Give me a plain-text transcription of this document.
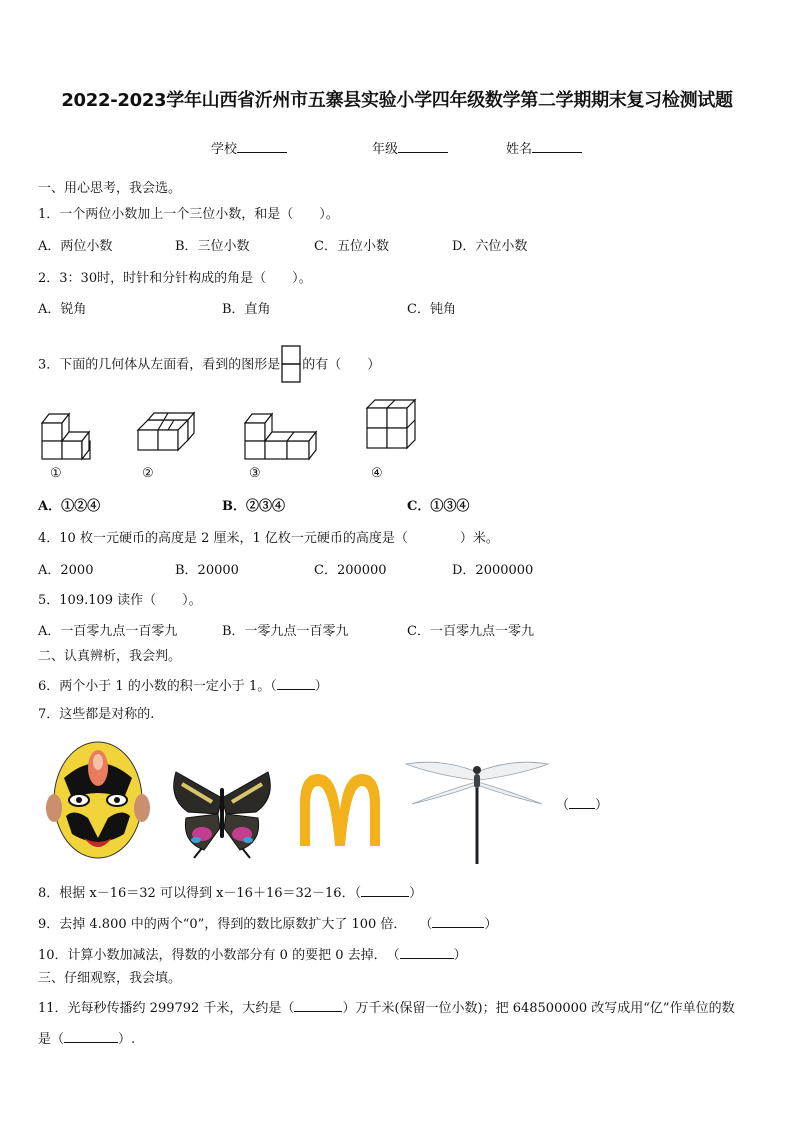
2022-2023学年山西省沂州市五寨县实验小学四年级数学第二学期期末复习检测试题
学校	年级	姓名
一、用心思考，我会选。
1．一个两位小数加上一个三位小数，和是（　　）。
A．两位小数	B．三位小数	C．五位小数	D．六位小数
2．3：30时，时针和分针构成的角是（　　）。
A．锐角	B．直角	C．钝角
3．下面的几何体从左面看，看到的图形是 的有（　　）
①	②	③	④
A．①②④	B．②③④	C．①③④
4．10 枚一元硬币的高度是 2 厘米，1 亿枚一元硬币的高度是（　　　　）米。
A．2000	B．20000	C．200000	D．2000000
5．109.109 读作（　　）。
A．一百零九点一百零九	B．一零九点一百零九	C．一百零九点一零九
二、认真辨析，我会判。
6．两个小于 1 的小数的积一定小于 1。（	）
7．这些都是对称的.
（ ）
8．根据 x－16＝32 可以得到 x－16＋16＝32－16．（	）
9．去掉 4.800 中的两个“0”，得到的数比原数扩大了 100 倍．　　（	）
10．计算小数加减法，得数的小数部分有 0 的要把 0 去掉．　（	）
三、仔细观察，我会填。
11．光每秒传播约 299792 千米，大约是（	）万千米(保留一位小数)；把 648500000 改写成用“亿”作单位的数
是（	）.
